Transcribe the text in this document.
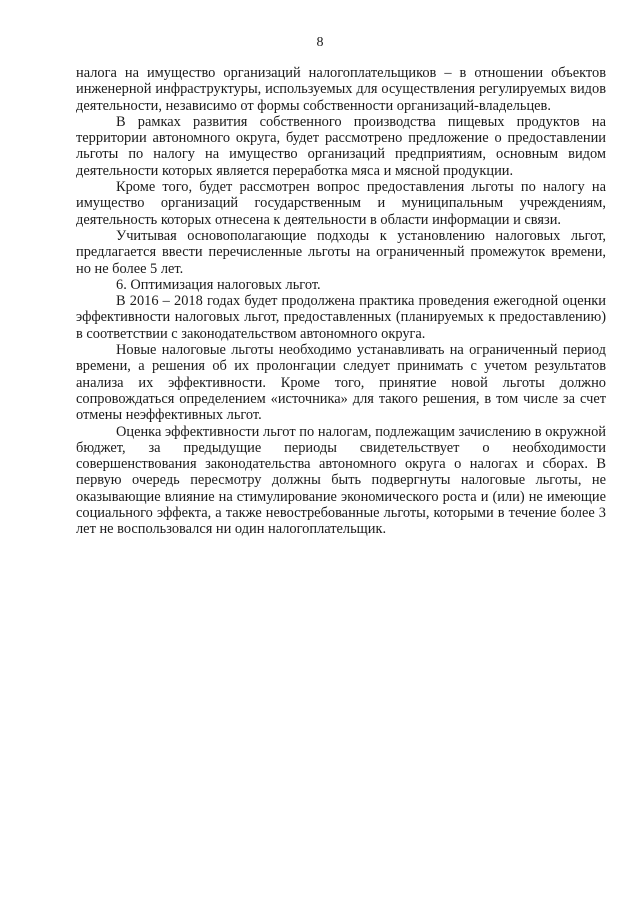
8

налога на имущество организаций налогоплательщиков – в отношении объектов инженерной инфраструктуры, используемых для осуществления регулируемых видов деятельности, независимо от формы собственности организаций-владельцев.

В рамках развития собственного производства пищевых продуктов на территории автономного округа, будет рассмотрено предложение о предоставлении льготы по налогу на имущество организаций предприятиям, основным видом деятельности которых является переработка мяса и мясной продукции.

Кроме того, будет рассмотрен вопрос предоставления льготы по налогу на имущество организаций государственным и муниципальным учреждениям, деятельность которых отнесена к деятельности в области информации и связи.

Учитывая основополагающие подходы к установлению налоговых льгот, предлагается ввести перечисленные льготы на ограниченный промежуток времени, но не более 5 лет.

6. Оптимизация налоговых льгот.

В 2016 – 2018 годах будет продолжена практика проведения ежегодной оценки эффективности налоговых льгот, предоставленных (планируемых к предоставлению) в соответствии с законодательством автономного округа.

Новые налоговые льготы необходимо устанавливать на ограниченный период времени, а решения об их пролонгации следует принимать с учетом результатов анализа их эффективности. Кроме того, принятие новой льготы должно сопровождаться определением «источника» для такого решения, в том числе за счет отмены неэффективных льгот.

Оценка эффективности льгот по налогам, подлежащим зачислению в окружной бюджет, за предыдущие периоды свидетельствует о необходимости совершенствования законодательства автономного округа о налогах и сборах. В первую очередь пересмотру должны быть подвергнуты налоговые льготы, не оказывающие влияние на стимулирование экономического роста и (или) не имеющие социального эффекта, а также невостребованные льготы, которыми в течение более 3 лет не воспользовался ни один налогоплательщик.
